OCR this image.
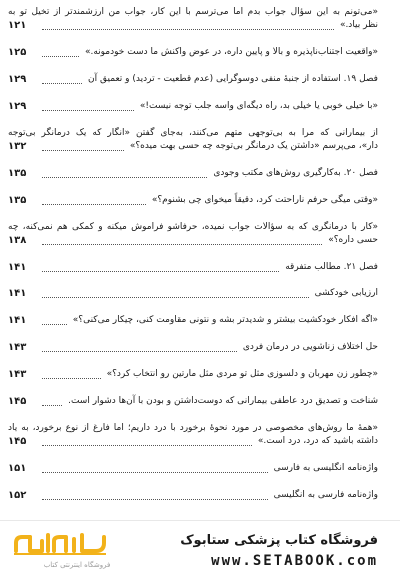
«می‌تونم به این سؤال جواب بدم اما می‌ترسم با این کار، جواب من ارزشمندتر از تخیل تو به
نظر بیاد.»
۱۲۱
«واقعیت اجتناب‌ناپذیره و بالا و پایین داره، در عوض واکنش ما دست خودمونه.»
۱۲۵
فصل ۱۹. استفاده از جنبهٔ منفی دوسوگرایی (عدم قطعیت - تردید) و تعمیق آن
۱۲۹
«با خیلی خوبی یا خیلی بد، راه دیگه‌ای واسه جلب توجه نیست!»
۱۲۹
از بیمارانی که مرا به بی‌توجهی متهم می‌کنند، به‌جای گفتن «انگار که یک درمانگر بی‌توجه
دار»، می‌پرسم «داشتن یک درمانگر بی‌توجه چه حسی بهت میده؟»
۱۳۲
فصل ۲۰. به‌کارگیری روش‌های مکتب وجودی
۱۳۵
«وقتی میگی حرفم ناراحتت کرد، دقیقاً میخوای چی بشنوم؟»
۱۳۵
«کار با درمانگری که به سؤالات جواب نمیده، حرفاشو فراموش میکنه و کمکی هم نمی‌کنه، چه
حسی داره؟»
۱۳۸
فصل ۲۱. مطالب متفرقه
۱۴۱
ارزیابی خودکشی
۱۴۱
«اگه افکار خودکشیت بیشتر و شدیدتر بشه و نتونی مقاومت کنی، چیکار می‌کنی؟»
۱۴۱
حل اختلاف زناشویی در درمان فردی
۱۴۳
«چطور زن مهربان و دلسوزی مثل تو مردی مثل مارتین رو انتخاب کرد؟»
۱۴۳
شناخت و تصدیق درد عاطفی بیمارانی که دوست‌داشتن و بودن با آن‌ها دشوار است.
۱۴۵
«همهٔ ما روش‌های مخصوصی در مورد نحوهٔ برخورد با درد داریم؛ اما فارغ از نوع برخورد، به یاد
داشته باشید که درد، درد است.»
۱۴۵
واژه‌نامه انگلیسی به فارسی
۱۵۱
واژه‌نامه فارسی به انگلیسی
۱۵۲
فروشگاه اینترنتی کتاب
فروشگاه کتاب پزشکی ستابوک
www.SETABOOK.com
